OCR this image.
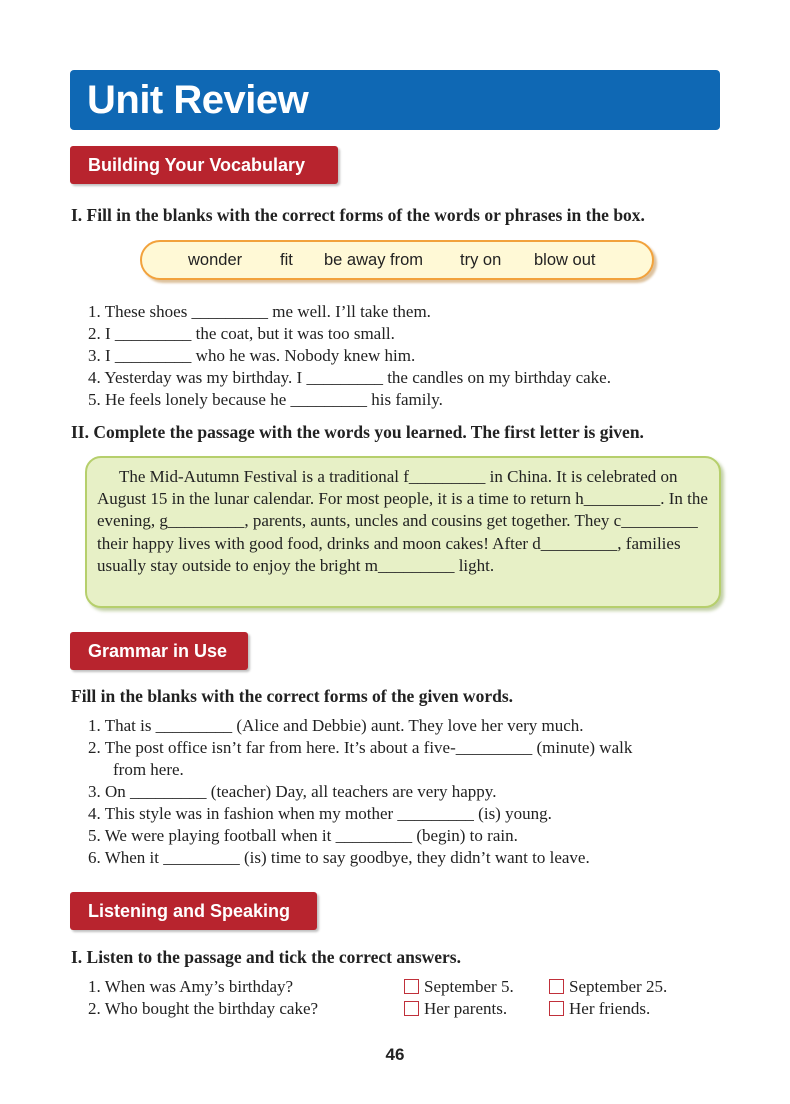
Unit Review
Building Your Vocabulary
I. Fill in the blanks with the correct forms of the words or phrases in the box.
wonder fit be away from try on blow out
1. These shoes _________ me well. I’ll take them.
2. I _________ the coat, but it was too small.
3. I _________ who he was. Nobody knew him.
4. Yesterday was my birthday. I _________ the candles on my birthday cake.
5. He feels lonely because he _________ his family.
II. Complete the passage with the words you learned. The first letter is given.

The Mid-Autumn Festival is a traditional f_________ in China. It is celebrated on August 15 in the lunar calendar. For most people, it is a time to return h_________. In the evening, g_________, parents, aunts, uncles and cousins get together. They c_________ their happy lives with good food, drinks and moon cakes! After d_________, families usually stay outside to enjoy the bright m_________ light.

Grammar in Use
Fill in the blanks with the correct forms of the given words.
1. That is _________ (Alice and Debbie) aunt. They love her very much.
2. The post office isn’t far from here. It’s about a five-_________ (minute) walk
from here.
3. On _________ (teacher) Day, all teachers are very happy.
4. This style was in fashion when my mother _________ (is) young.
5. We were playing football when it _________ (begin) to rain.
6. When it _________ (is) time to say goodbye, they didn’t want to leave.
Listening and Speaking
I. Listen to the passage and tick the correct answers.
1. When was Amy’s birthday?	September 5.	September 25.
2. Who bought the birthday cake?	Her parents.	Her friends.
46
